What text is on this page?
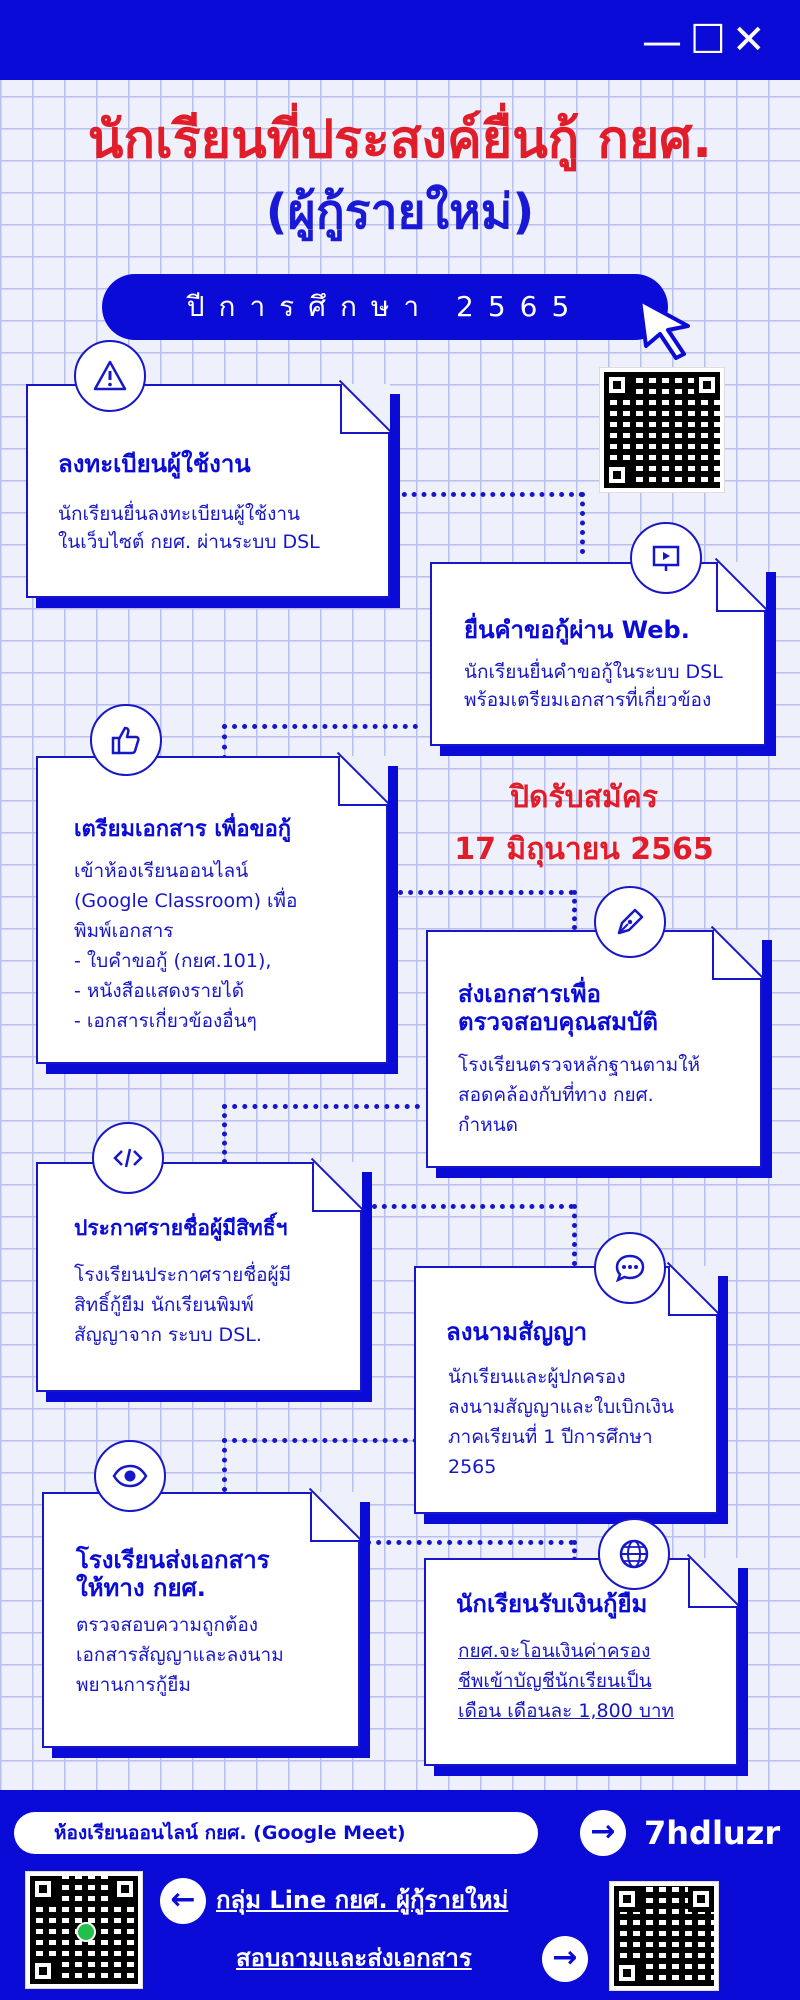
— ☐ ✕
นักเรียนที่ประสงค์ยื่นกู้ กยศ.
(ผู้กู้รายใหม่)
ปีการศึกษา 2565
ลงทะเบียนผู้ใช้งาน
นักเรียนยื่นลงทะเบียนผู้ใช้งาน
ในเว็บไซต์ กยศ. ผ่านระบบ DSL
ยื่นคำขอกู้ผ่าน Web.
นักเรียนยื่นคำขอกู้ในระบบ DSL
พร้อมเตรียมเอกสารที่เกี่ยวข้อง
เตรียมเอกสาร เพื่อขอกู้
เข้าห้องเรียนออนไลน์
(Google Classroom) เพื่อ
พิมพ์เอกสาร
- ใบคำขอกู้ (กยศ.101),
- หนังสือแสดงรายได้
- เอกสารเกี่ยวข้องอื่นๆ
ปิดรับสมัคร
17 มิถุนายน 2565
ส่งเอกสารเพื่อ
ตรวจสอบคุณสมบัติ
โรงเรียนตรวจหลักฐานตามให้
สอดคล้องกับที่ทาง กยศ.
กำหนด
ประกาศรายชื่อผู้มีสิทธิ์ฯ
โรงเรียนประกาศรายชื่อผู้มี
สิทธิ์กู้ยืม นักเรียนพิมพ์
สัญญาจาก ระบบ DSL.	ลงนามสัญญา
นักเรียนและผู้ปกครอง
ลงนามสัญญาและใบเบิกเงิน
ภาคเรียนที่ 1 ปีการศึกษา
2565
โรงเรียนส่งเอกสาร
ให้ทาง กยศ.
ตรวจสอบความถูกต้อง
เอกสารสัญญาและลงนาม
พยานการกู้ยืม
นักเรียนรับเงินกู้ยืม
กยศ.จะโอนเงินค่าครอง
ชีพเข้าบัญชีนักเรียนเป็น
เดือน เดือนละ 1,800 บาท
ห้องเรียนออนไลน์ กยศ. (Google Meet)	→ 7hdluzr
← กลุ่ม Line กยศ. ผู้กู้รายใหม่
สอบถามและส่งเอกสาร	→
